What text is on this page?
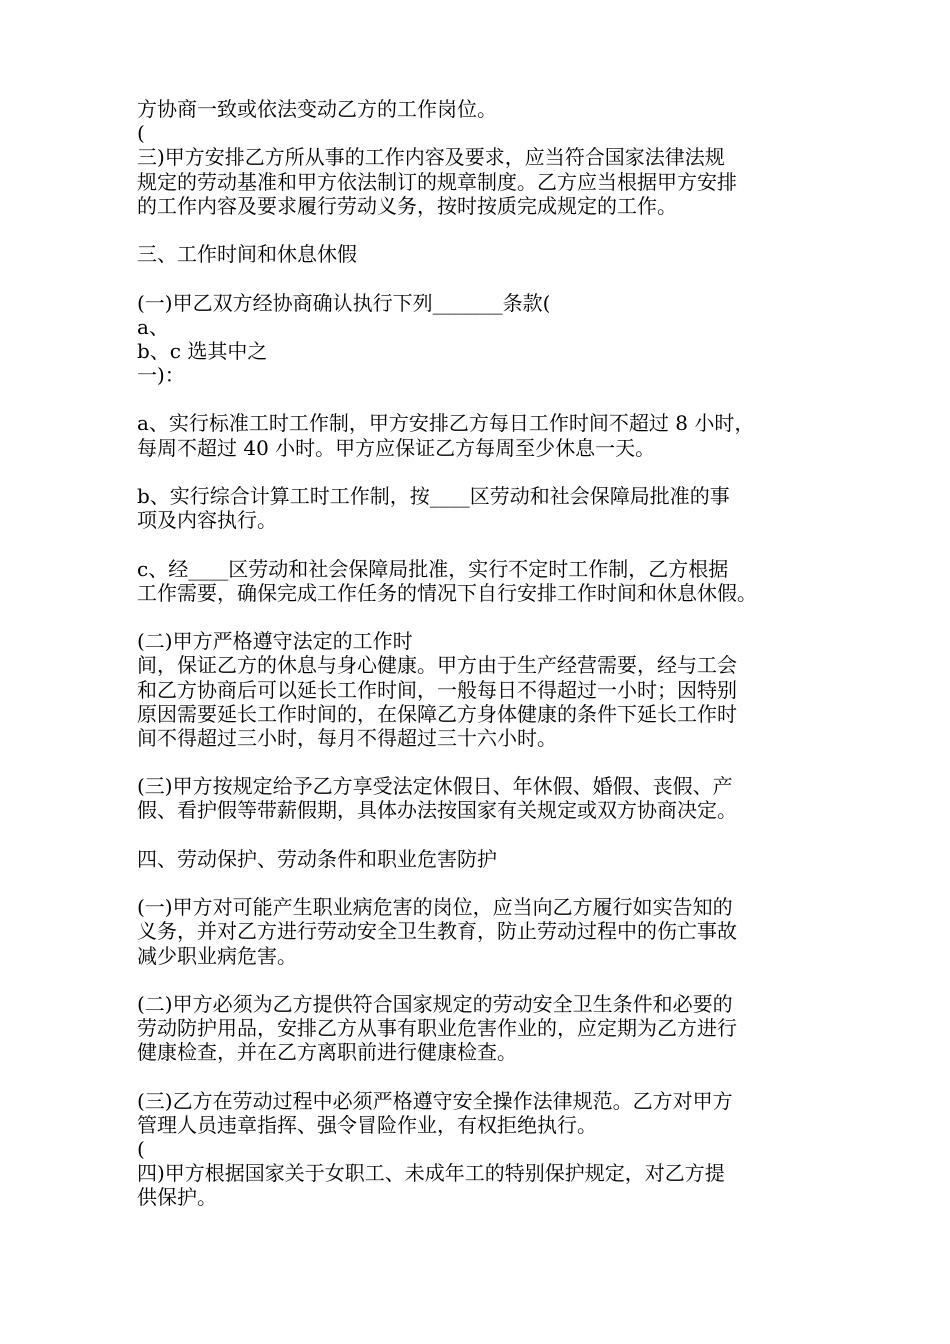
方协商一致或依法变动乙方的工作岗位。
(
三)甲方安排乙方所从事的工作内容及要求，应当符合国家法律法规
规定的劳动基准和甲方依法制订的规章制度。乙方应当根据甲方安排
的工作内容及要求履行劳动义务，按时按质完成规定的工作。
三、工作时间和休息休假
(一)甲乙双方经协商确认执行下列_______条款(
a、
b、c 选其中之
一)：
a、实行标准工时工作制，甲方安排乙方每日工作时间不超过 8 小时，
每周不超过 40 小时。甲方应保证乙方每周至少休息一天。
b、实行综合计算工时工作制，按____区劳动和社会保障局批准的事
项及内容执行。
c、经____区劳动和社会保障局批准，实行不定时工作制，乙方根据
工作需要，确保完成工作任务的情况下自行安排工作时间和休息休假。
(二)甲方严格遵守法定的工作时
间，保证乙方的休息与身心健康。甲方由于生产经营需要，经与工会
和乙方协商后可以延长工作时间，一般每日不得超过一小时；因特别
原因需要延长工作时间的，在保障乙方身体健康的条件下延长工作时
间不得超过三小时，每月不得超过三十六小时。
(三)甲方按规定给予乙方享受法定休假日、年休假、婚假、丧假、产
假、看护假等带薪假期，具体办法按国家有关规定或双方协商决定。
四、劳动保护、劳动条件和职业危害防护
(一)甲方对可能产生职业病危害的岗位，应当向乙方履行如实告知的
义务，并对乙方进行劳动安全卫生教育，防止劳动过程中的伤亡事故
减少职业病危害。
(二)甲方必须为乙方提供符合国家规定的劳动安全卫生条件和必要的
劳动防护用品，安排乙方从事有职业危害作业的，应定期为乙方进行
健康检查，并在乙方离职前进行健康检查。
(三)乙方在劳动过程中必须严格遵守安全操作法律规范。乙方对甲方
管理人员违章指挥、强令冒险作业，有权拒绝执行。
(
四)甲方根据国家关于女职工、未成年工的特别保护规定，对乙方提
供保护。
